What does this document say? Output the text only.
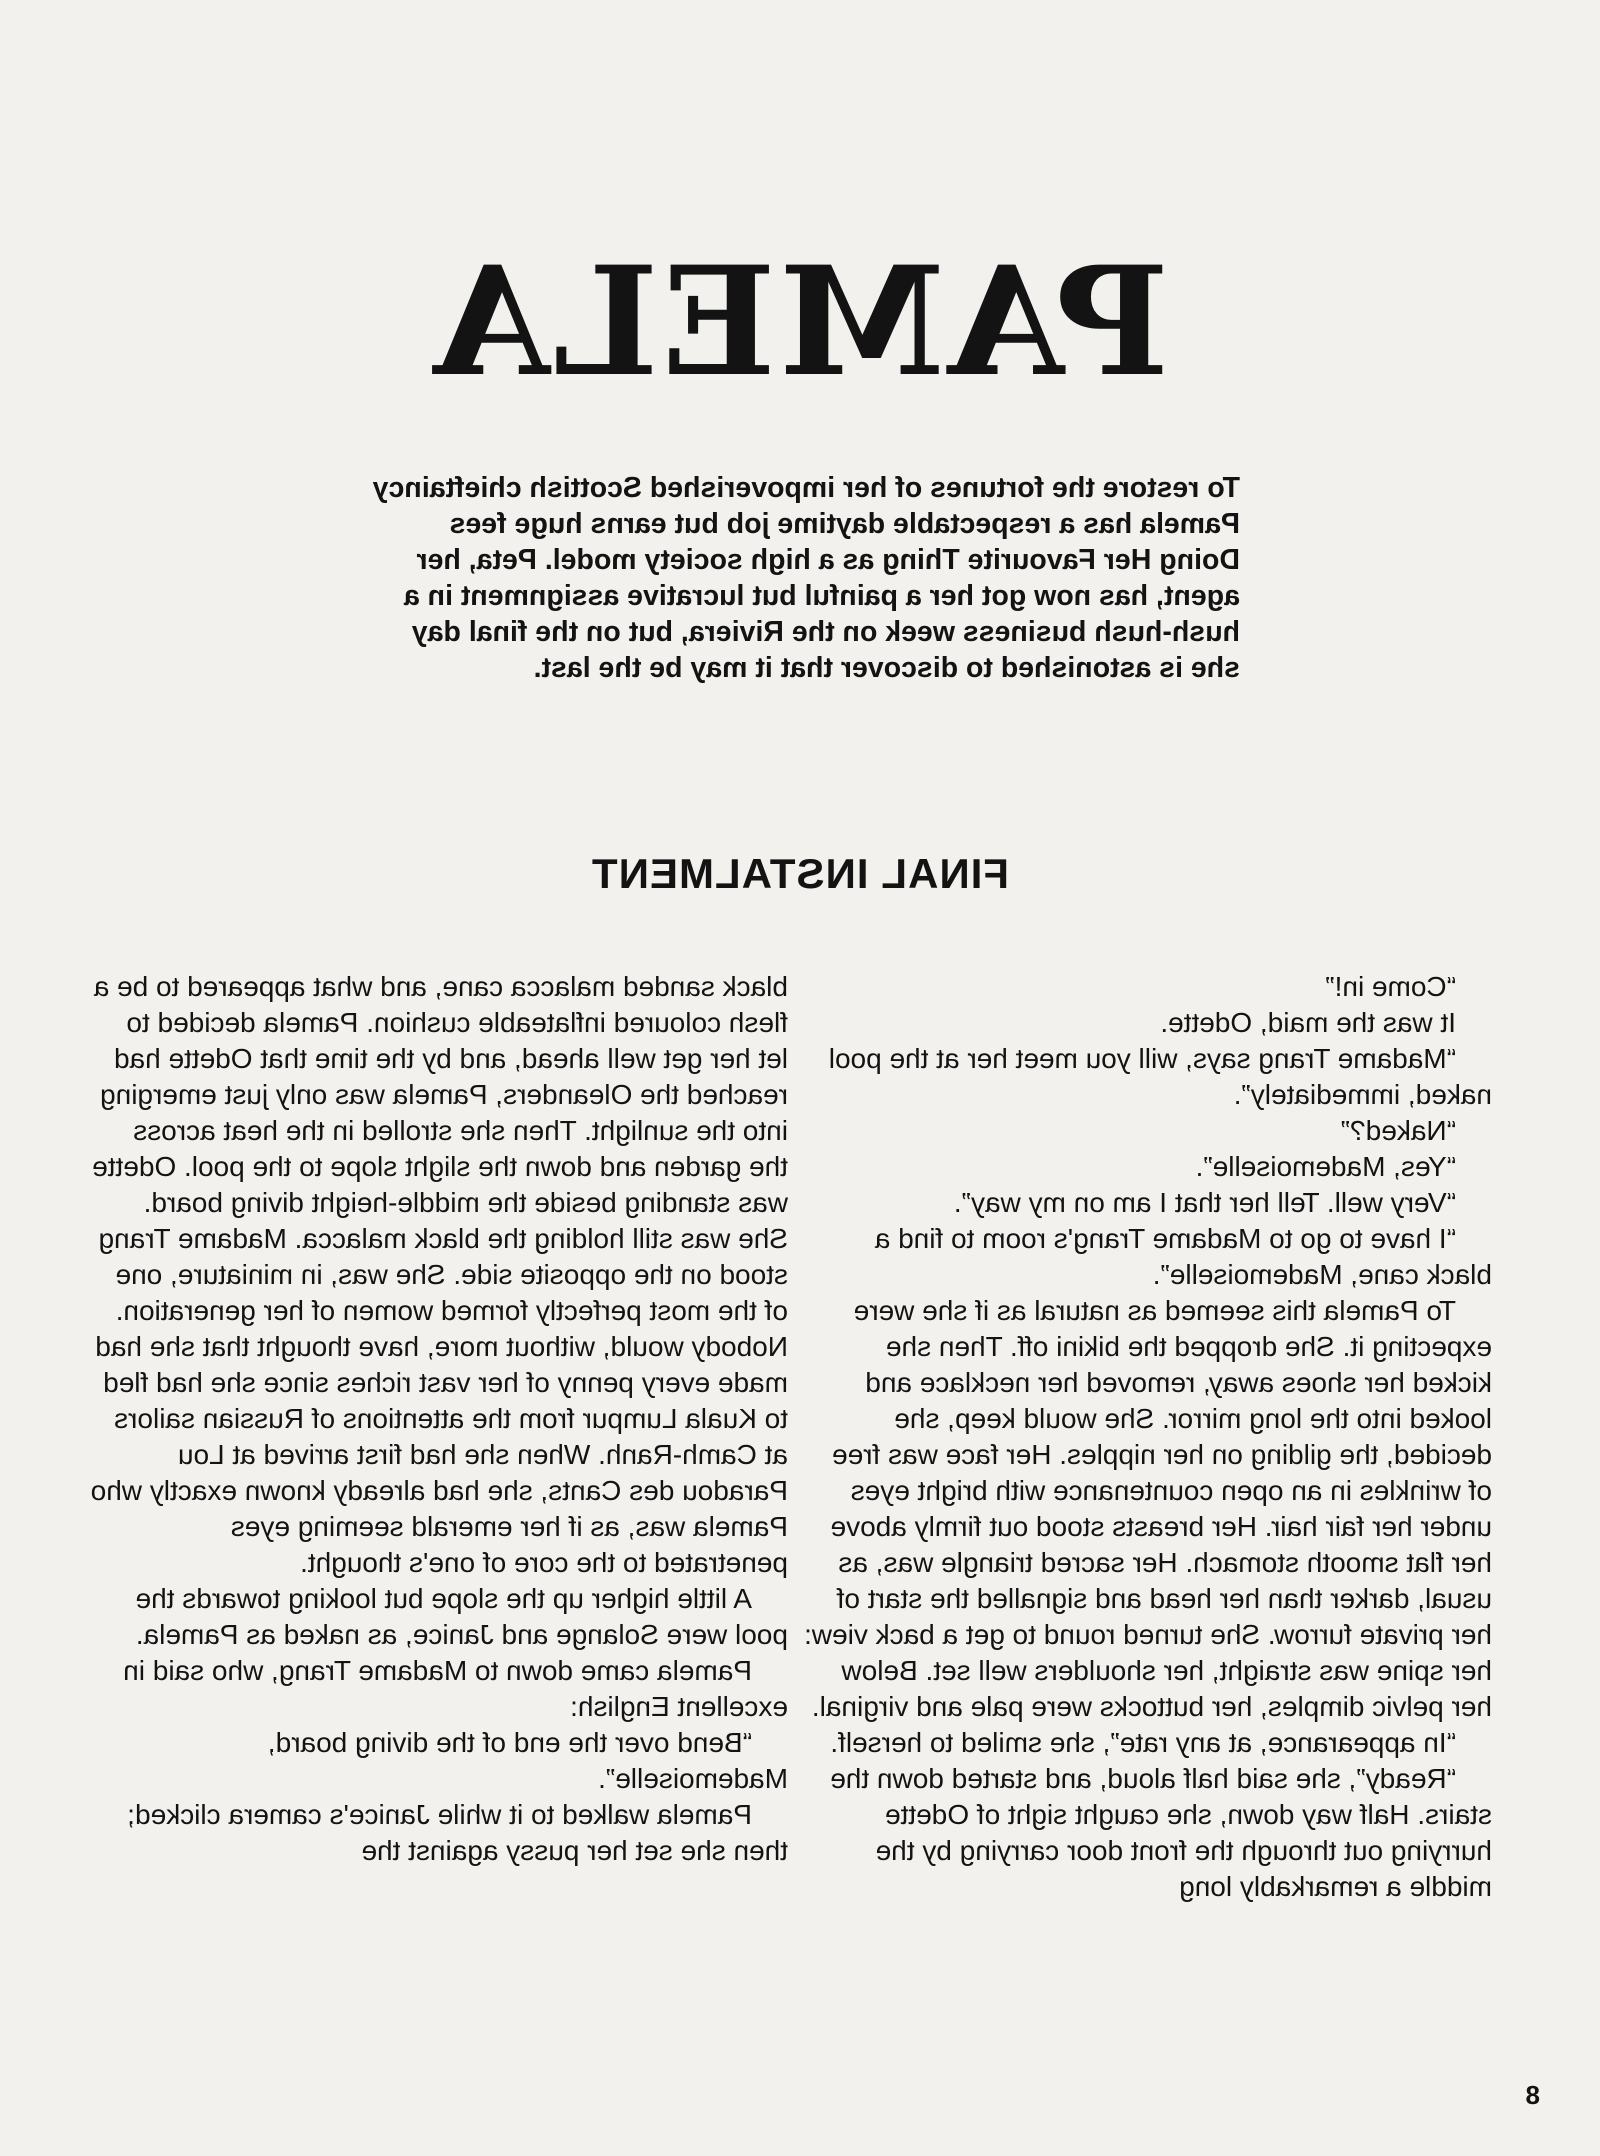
PAMELA

To restore the fortunes of her impoverished Scottish chieftaincy Pamela has a respectable daytime job but earns huge fees Doing Her Favourite Thing as a high society model. Peta, her agent, has now got her a painful but lucrative assignment in a hush-hush business week on the Riviera, but on the final day she is astonished to discover that it may be the last.

FINAL INSTALMENT

“Come in!”

It was the maid, Odette.

“Madame Trang says, will you meet her at the pool naked, immediately”.

“Naked?”

“Yes, Mademoiselle”.

“Very well. Tell her that I am on my way”.

“I have to go to Madame Trang's room to find a black cane, Mademoiselle”.

To Pamela this seemed as natural as if she were expecting it. She dropped the bikini off. Then she kicked her shoes away, removed her necklace and looked into the long mirror. She would keep, she decided, the gilding on her nipples. Her face was free of wrinkles in an open countenance with bright eyes under her fair hair. Her breasts stood out firmly above her flat smooth stomach. Her sacred triangle was, as usual, darker than her head and signalled the start of her private furrow. She turned round to get a back view: her spine was straight, her shoulders well set. Below her pelvic dimples, her buttocks were pale and virginal.

“In appearance, at any rate”, she smiled to herself.

“Ready”, she said half aloud, and started down the stairs. Half way down, she caught sight of Odette hurrying out through the front door carrying by the middle a remarkably long

black sanded malacca cane, and what appeared to be a flesh coloured inflateable cushion. Pamela decided to let her get well ahead, and by the time that Odette had reached the Oleanders, Pamela was only just emerging into the sunlight. Then she strolled in the heat across the garden and down the slight slope to the pool. Odette was standing beside the middle-height diving board. She was still holding the black malacca. Madame Trang stood on the opposite side. She was, in miniature, one of the most perfectly formed women of her generation. Nobody would, without more, have thought that she had made every penny of her vast riches since she had fled to Kuala Lumpur from the attentions of Russian sailors at Camh-Ranh. When she had first arrived at Lou Paradou des Cants, she had already known exactly who Pamela was, as if her emerald seeming eyes penetrated to the core of one's thought.

A little higher up the slope but looking towards the pool were Solange and Janice, as naked as Pamela.

Pamela came down to Madame Trang, who said in excellent English:

“Bend over the end of the diving board, Mademoiselle”.

Pamela walked to it while Janice's camera clicked; then she set her pussy against the

8
